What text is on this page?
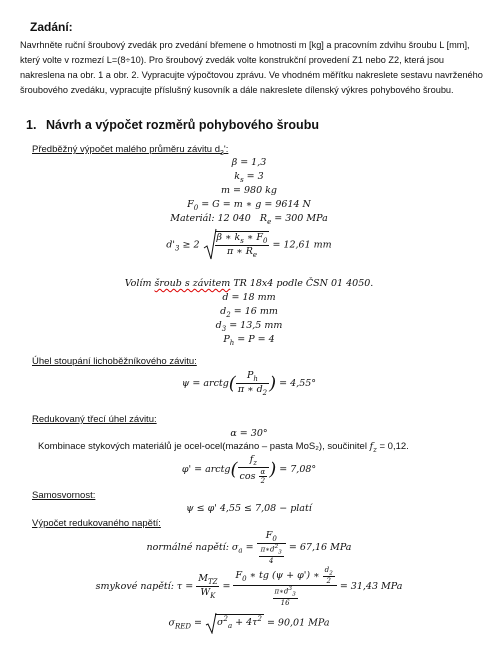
Zadání:
Navrhněte ruční šroubový zvedák pro zvedání břemene o hmotnosti m [kg] a pracovním zdvihu šroubu L [mm], který volte v rozmezí L=(8÷10). Pro šroubový zvedák volte konstrukční provedení Z1 nebo Z2, která jsou nakreslena na obr. 1 a obr. 2. Vypracujte výpočtovou zprávu. Ve vhodném měřítku nakreslete sestavu navrženého šroubového zvedáku, vypracujte příslušný kusovník a dále nakreslete dílenský výkres pohybového šroubu.
1. Návrh a výpočet rozměrů pohybového šroubu
Předběžný výpočet malého průměru závitu $d_3'$:
β = 1,3
$k_s = 3$
m = 980 kg
$F_0 = G = m$ ∗ g = 9614 N
Materiál: 12 040 $R_e = 300$ MPa
$d'_3 \ge 2 \frac{\beta ∗ k_s ∗ F_0}{\pi ∗ R_e} = 12,61$ mm
Volím šroub s závitem TR 18x4 podle ČSN 01 4050.
d = 18 mm
$d_2 = 16$ mm
$d_3 = 13,5$ mm
$P_h = P = 4$
Úhel stoupání lichoběžníkového závitu:
ψ = arctg( $\frac{P_h}{\pi ∗ d_2}$ ) = 4,55°
Redukovaný třecí úhel závitu:
α = 30°
Kombinace stykových materiálů je ocel-ocel(mazáno – pasta MoS₂), součinitel $f_z = 0,12$.
φ' = arctg( $\frac{f_z}{\cos \frac{\alpha}{2}}$ ) = 7,08°
Samosvornost:
ψ ≤ φ' 4,55 ≤ 7,08 − platí
Výpočet redukovaného napětí:
normálné napětí: $\sigma_a = \frac{F_0}{\frac{\pi∗d^2_3}{4}} = 67,16$ MPa
smykové napětí: $\tau = \frac{M_{TZ}}{W_K} = \frac{F_0 ∗ tg (\psi + \varphi') ∗ \frac{d_2}{2}}{\frac{\pi∗d^3_3}{16}} = 31,43$ MPa
$\sigma_{RED} = \sigma^2_a + 4\tau^2 = 90,01$ MPa
